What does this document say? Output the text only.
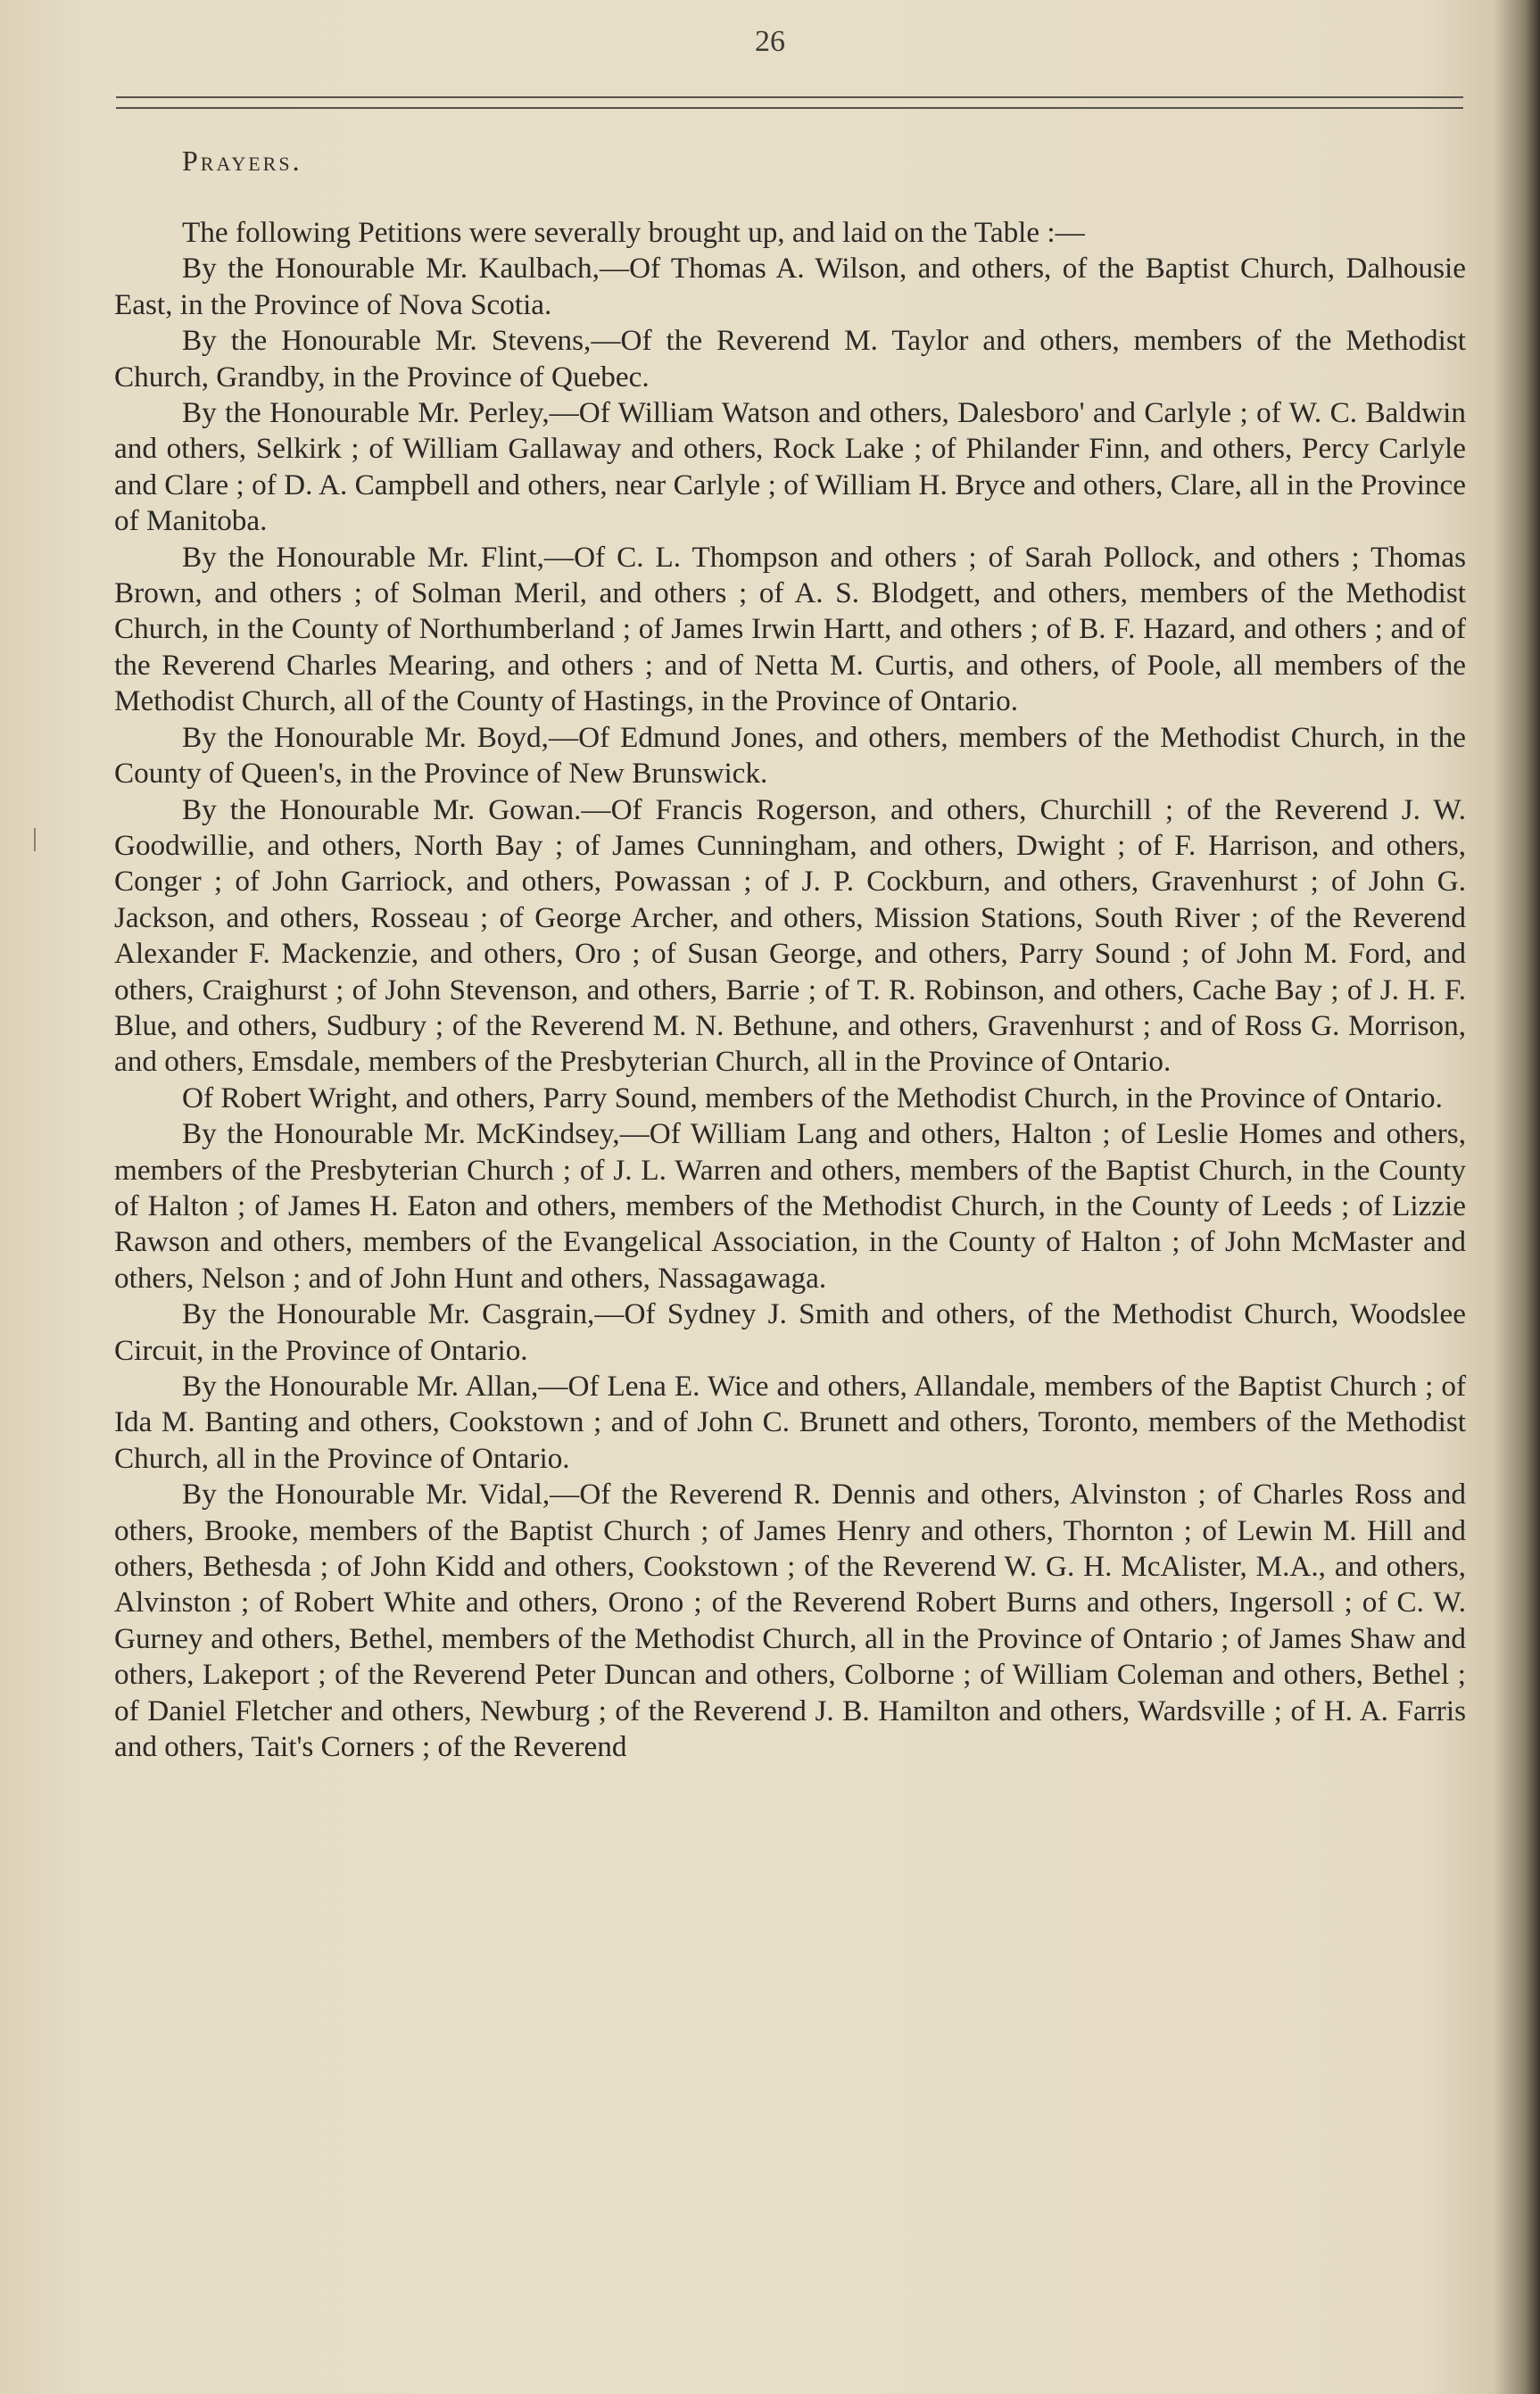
26
Prayers.

The following Petitions were severally brought up, and laid on the Table :—

By the Honourable Mr. Kaulbach,—Of Thomas A. Wilson, and others, of the Baptist Church, Dalhousie East, in the Province of Nova Scotia.

By the Honourable Mr. Stevens,—Of the Reverend M. Taylor and others, members of the Methodist Church, Grandby, in the Province of Quebec.

By the Honourable Mr. Perley,—Of William Watson and others, Dalesboro' and Carlyle ; of W. C. Baldwin and others, Selkirk ; of William Gallaway and others, Rock Lake ; of Philander Finn, and others, Percy Carlyle and Clare ; of D. A. Campbell and others, near Carlyle ; of William H. Bryce and others, Clare, all in the Province of Manitoba.

By the Honourable Mr. Flint,—Of C. L. Thompson and others ; of Sarah Pollock, and others ; Thomas Brown, and others ; of Solman Meril, and others ; of A. S. Blodgett, and others, members of the Methodist Church, in the County of Northumberland ; of James Irwin Hartt, and others ; of B. F. Hazard, and others ; and of the Reverend Charles Mearing, and others ; and of Netta M. Curtis, and others, of Poole, all members of the Methodist Church, all of the County of Hastings, in the Province of Ontario.

By the Honourable Mr. Boyd,—Of Edmund Jones, and others, members of the Methodist Church, in the County of Queen's, in the Province of New Brunswick.

By the Honourable Mr. Gowan.—Of Francis Rogerson, and others, Churchill ; of the Reverend J. W. Goodwillie, and others, North Bay ; of James Cunningham, and others, Dwight ; of F. Harrison, and others, Conger ; of John Garriock, and others, Powassan ; of J. P. Cockburn, and others, Gravenhurst ; of John G. Jackson, and others, Rosseau ; of George Archer, and others, Mission Stations, South River ; of the Reverend Alexander F. Mackenzie, and others, Oro ; of Susan George, and others, Parry Sound ; of John M. Ford, and others, Craighurst ; of John Stevenson, and others, Barrie ; of T. R. Robinson, and others, Cache Bay ; of J. H. F. Blue, and others, Sudbury ; of the Reverend M. N. Bethune, and others, Gravenhurst ; and of Ross G. Morrison, and others, Emsdale, members of the Presbyterian Church, all in the Province of Ontario.

Of Robert Wright, and others, Parry Sound, members of the Methodist Church, in the Province of Ontario.

By the Honourable Mr. McKindsey,—Of William Lang and others, Halton ; of Leslie Homes and others, members of the Presbyterian Church ; of J. L. Warren and others, members of the Baptist Church, in the County of Halton ; of James H. Eaton and others, members of the Methodist Church, in the County of Leeds ; of Lizzie Rawson and others, members of the Evangelical Association, in the County of Halton ; of John McMaster and others, Nelson ; and of John Hunt and others, Nassagawaga.

By the Honourable Mr. Casgrain,—Of Sydney J. Smith and others, of the Methodist Church, Woodslee Circuit, in the Province of Ontario.

By the Honourable Mr. Allan,—Of Lena E. Wice and others, Allandale, members of the Baptist Church ; of Ida M. Banting and others, Cookstown ; and of John C. Brunett and others, Toronto, members of the Methodist Church, all in the Province of Ontario.

By the Honourable Mr. Vidal,—Of the Reverend R. Dennis and others, Alvinston ; of Charles Ross and others, Brooke, members of the Baptist Church ; of James Henry and others, Thornton ; of Lewin M. Hill and others, Bethesda ; of John Kidd and others, Cookstown ; of the Reverend W. G. H. McAlister, M.A., and others, Alvinston ; of Robert White and others, Orono ; of the Reverend Robert Burns and others, Ingersoll ; of C. W. Gurney and others, Bethel, members of the Methodist Church, all in the Province of Ontario ; of James Shaw and others, Lakeport ; of the Reverend Peter Duncan and others, Colborne ; of William Coleman and others, Bethel ; of Daniel Fletcher and others, Newburg ; of the Reverend J. B. Hamilton and others, Wardsville ; of H. A. Farris and others, Tait's Corners ; of the Reverend
